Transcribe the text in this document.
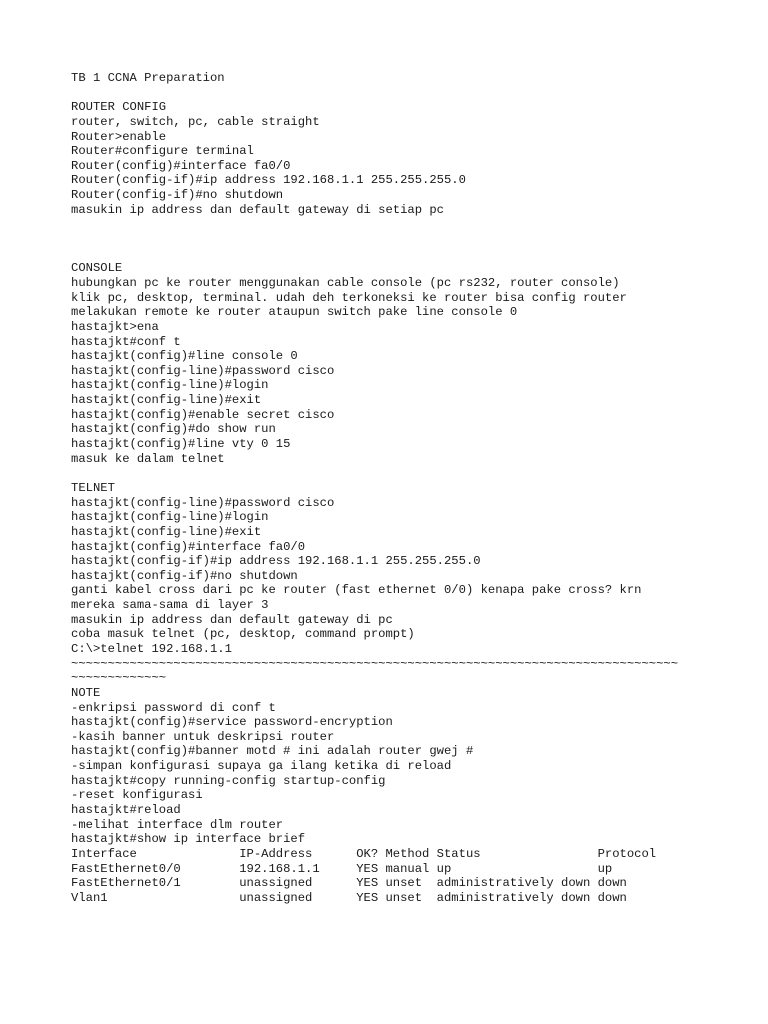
TB 1 CCNA Preparation
ROUTER CONFIG
router, switch, pc, cable straight
Router>enable
Router#configure terminal
Router(config)#interface fa0/0
Router(config-if)#ip address 192.168.1.1 255.255.255.0
Router(config-if)#no shutdown
masukin ip address dan default gateway di setiap pc
CONSOLE
hubungkan pc ke router menggunakan cable console (pc rs232, router console)
klik pc, desktop, terminal. udah deh terkoneksi ke router bisa config router
melakukan remote ke router ataupun switch pake line console 0
hastajkt>ena
hastajkt#conf t
hastajkt(config)#line console 0
hastajkt(config-line)#password cisco
hastajkt(config-line)#login
hastajkt(config-line)#exit
hastajkt(config)#enable secret cisco
hastajkt(config)#do show run
hastajkt(config)#line vty 0 15
masuk ke dalam telnet
TELNET
hastajkt(config-line)#password cisco
hastajkt(config-line)#login
hastajkt(config-line)#exit
hastajkt(config)#interface fa0/0
hastajkt(config-if)#ip address 192.168.1.1 255.255.255.0
hastajkt(config-if)#no shutdown
ganti kabel cross dari pc ke router (fast ethernet 0/0) kenapa pake cross? krn
mereka sama-sama di layer 3
masukin ip address dan default gateway di pc
coba masuk telnet (pc, desktop, command prompt)
C:\>telnet 192.168.1.1
~~~~~~~~~~~~~~~~~~~~~~~~~~~~~~~~~~~~~~~~~~~~~~~~~~~~~~~~~~~~~~~~~~~~~~~~~~~~~~~~~~~
~~~~~~~~~~~~~
NOTE
-enkripsi password di conf t
hastajkt(config)#service password-encryption
-kasih banner untuk deskripsi router
hastajkt(config)#banner motd # ini adalah router gwej #
-simpan konfigurasi supaya ga ilang ketika di reload
hastajkt#copy running-config startup-config
-reset konfigurasi
hastajkt#reload
-melihat interface dlm router
hastajkt#show ip interface brief
Interface              IP-Address      OK? Method Status                Protocol
FastEthernet0/0        192.168.1.1     YES manual up                    up
FastEthernet0/1        unassigned      YES unset  administratively down down
Vlan1                  unassigned      YES unset  administratively down down
